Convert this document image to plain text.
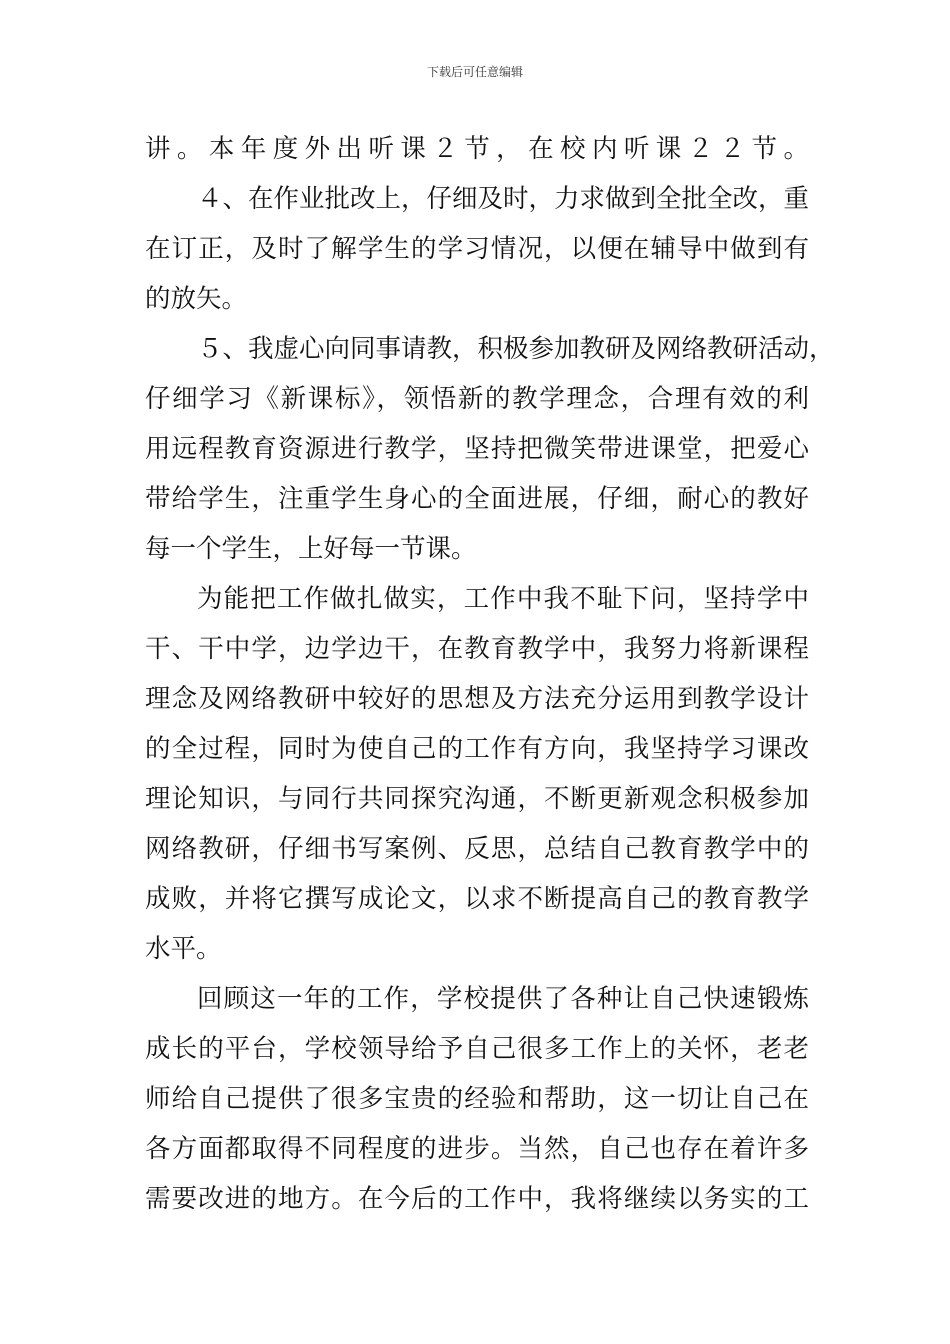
下载后可任意编辑
讲。本年度外出听课２节，在校内听课２２节。
４、在作业批改上，仔细及时，力求做到全批全改，重
在订正，及时了解学生的学习情况，以便在辅导中做到有
的放矢。
５、我虚心向同事请教，积极参加教研及网络教研活动，
仔细学习《新课标》，领悟新的教学理念，合理有效的利
用远程教育资源进行教学，坚持把微笑带进课堂，把爱心
带给学生，注重学生身心的全面进展，仔细，耐心的教好
每一个学生，上好每一节课。
为能把工作做扎做实，工作中我不耻下问，坚持学中
干、干中学，边学边干，在教育教学中，我努力将新课程
理念及网络教研中较好的思想及方法充分运用到教学设计
的全过程，同时为使自己的工作有方向，我坚持学习课改
理论知识，与同行共同探究沟通，不断更新观念积极参加
网络教研，仔细书写案例、反思，总结自己教育教学中的
成败，并将它撰写成论文，以求不断提高自己的教育教学
水平。
回顾这一年的工作，学校提供了各种让自己快速锻炼
成长的平台，学校领导给予自己很多工作上的关怀，老老
师给自己提供了很多宝贵的经验和帮助，这一切让自己在
各方面都取得不同程度的进步。当然，自己也存在着许多
需要改进的地方。在今后的工作中，我将继续以务实的工
